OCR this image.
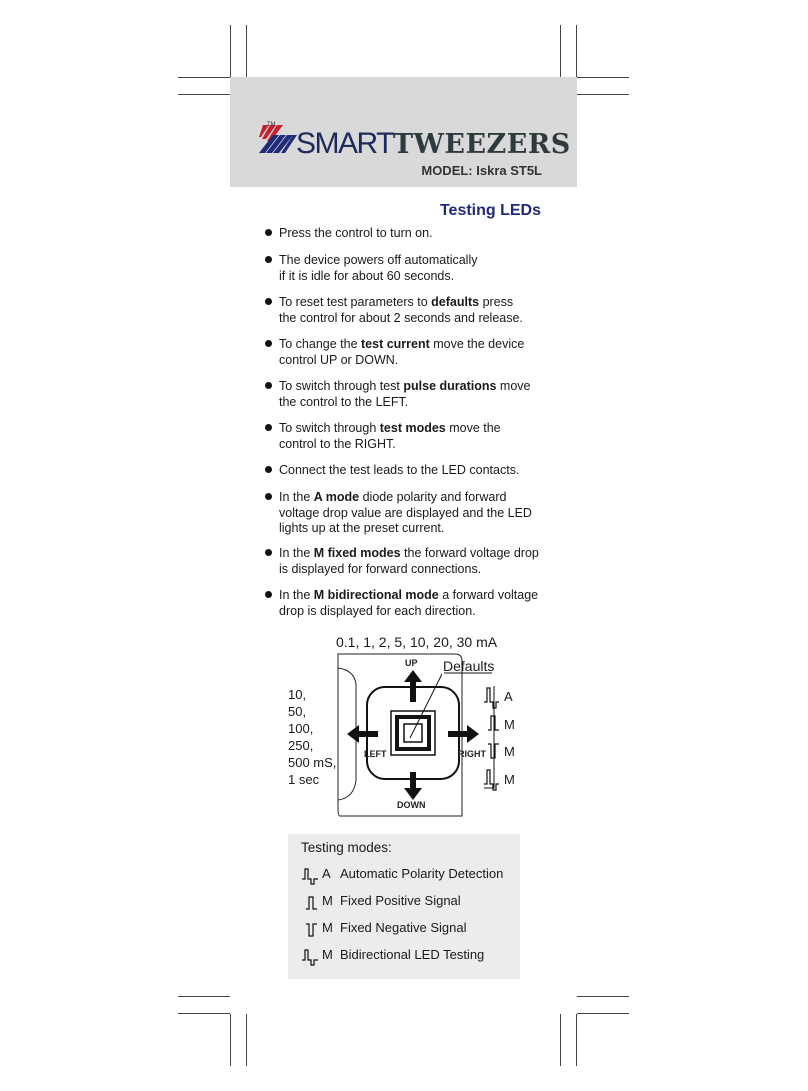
TM
SMARTTWEEZERS
MODEL: Iskra ST5L
Testing LEDs
Press the control to turn on.
The device powers off automatically
if it is idle for about 60 seconds.
To reset test parameters to defaults press
the control for about 2 seconds and release.
To change the test current move the device
control UP or DOWN.
To switch through test pulse durations move
the control to the LEFT.
To switch through test modes move the
control to the RIGHT.
Connect the test leads to the LED contacts.
In the A mode diode polarity and forward
voltage drop value are displayed and the LED
lights up at the preset current.
In the M fixed modes the forward voltage drop
is displayed for forward connections.
In the M bidirectional mode a forward voltage
drop is displayed for each direction.
0.1, 1, 2, 5, 10, 20, 30 mA
UP Defaults
LEFT	RIGHT
DOWN
10,
50,
100,
250,
500 mS,
1 sec
A
M
M
M
Testing modes:
A Automatic Polarity Detection
M Fixed Positive Signal
M Fixed Negative Signal
M Bidirectional LED Testing
